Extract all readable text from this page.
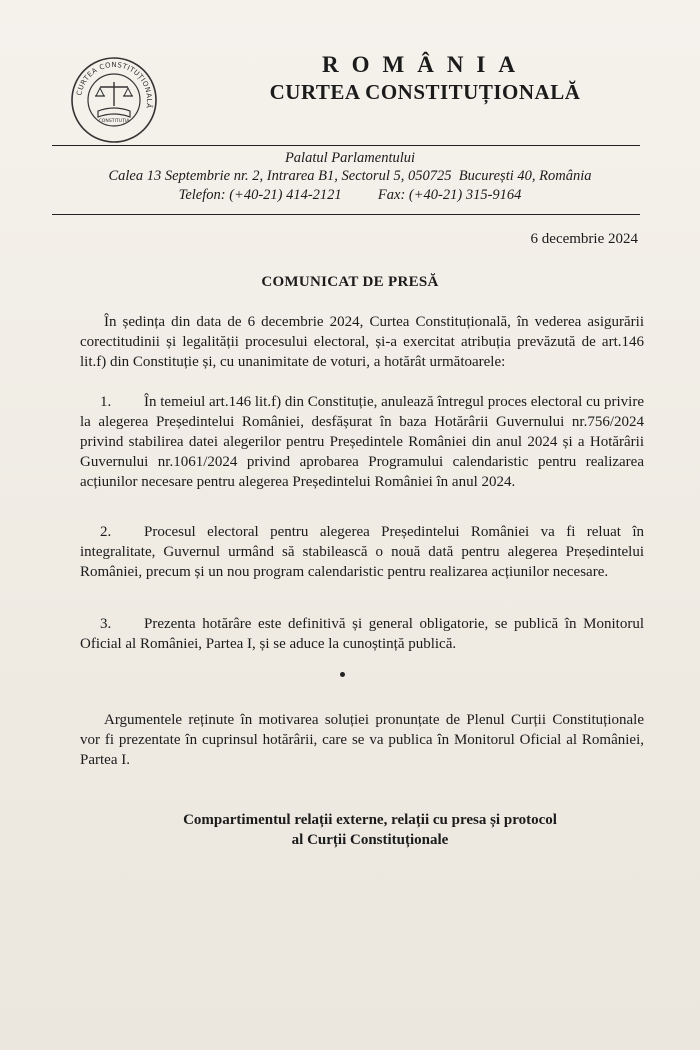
CURTEA CONSTITUȚIONALĂ
CONSTITUȚIA
ROMÂNIA
CURTEA CONSTITUȚIONALĂ
Palatul Parlamentului
Calea 13 Septembrie nr. 2, Intrarea B1, Sectorul 5, 050725  București 40, România
Telefon: (+40-21) 414-2121          Fax: (+40-21) 315-9164
6 decembrie 2024
COMUNICAT DE PRESĂ
În ședința din data de 6 decembrie 2024, Curtea Constituțională, în vederea asigurării corectitudinii și legalității procesului electoral, și-a exercitat atribuția prevăzută de art.146 lit.f) din Constituție și, cu unanimitate de voturi, a hotărât următoarele:
1. În temeiul art.146 lit.f) din Constituție, anulează întregul proces electoral cu privire la alegerea Președintelui României, desfășurat în baza Hotărârii Guvernului nr.756/2024 privind stabilirea datei alegerilor pentru Președintele României din anul 2024 și a Hotărârii Guvernului nr.1061/2024 privind aprobarea Programului calendaristic pentru realizarea acțiunilor necesare pentru alegerea Președintelui României în anul 2024.
2. Procesul electoral pentru alegerea Președintelui României va fi reluat în integralitate, Guvernul urmând să stabilească o nouă dată pentru alegerea Președintelui României, precum și un nou program calendaristic pentru realizarea acțiunilor necesare.
3. Prezenta hotărâre este definitivă și general obligatorie, se publică în Monitorul Oficial al României, Partea I, și se aduce la cunoștință publică.
Argumentele reținute în motivarea soluției pronunțate de Plenul Curții Constituționale vor fi prezentate în cuprinsul hotărârii, care se va publica în Monitorul Oficial al României, Partea I.
Compartimentul relații externe, relații cu presa și protocol
al Curții Constituționale
